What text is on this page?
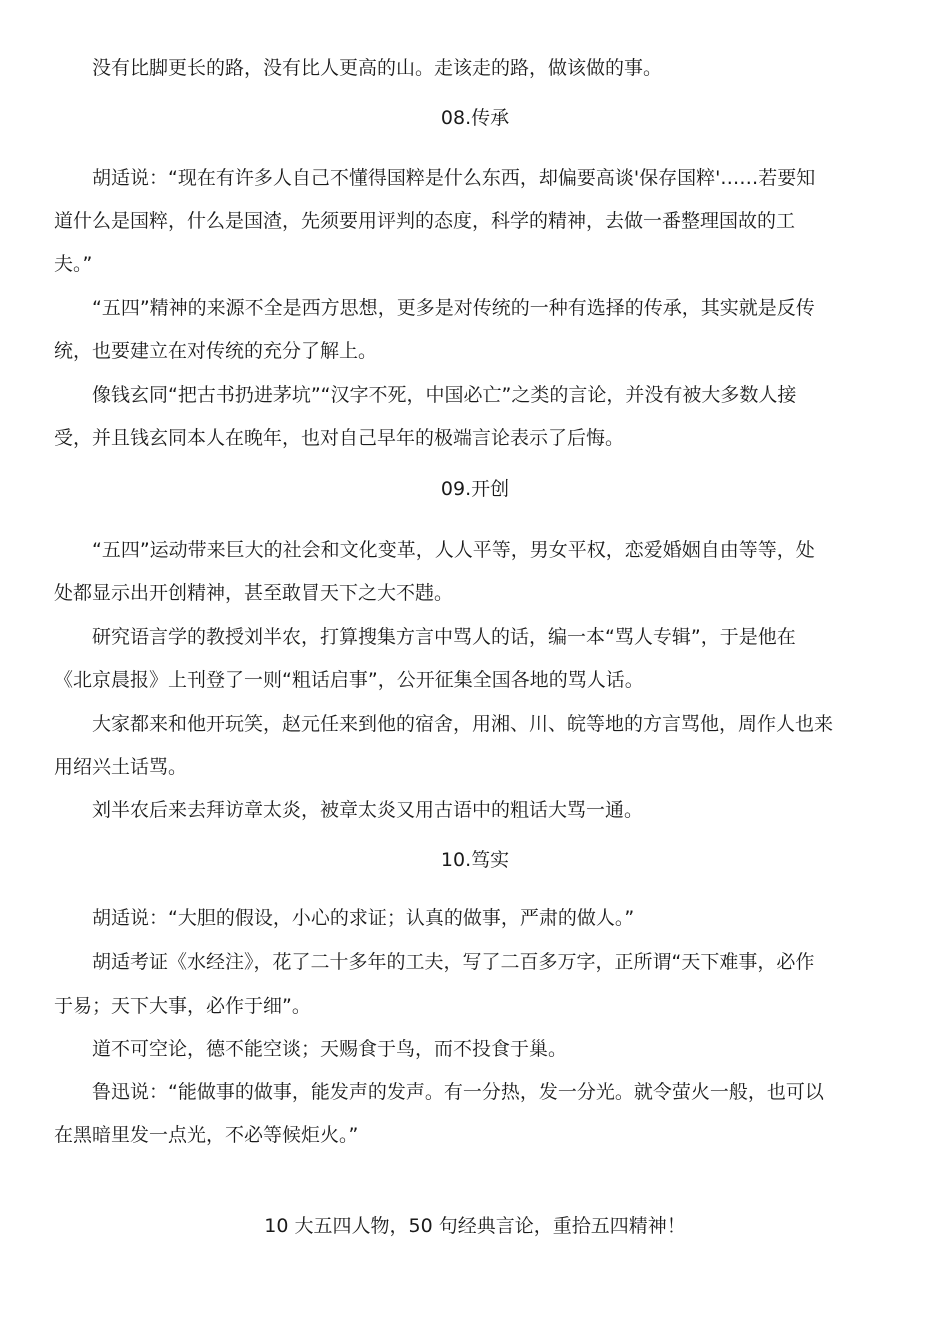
　　没有比脚更长的路，没有比人更高的山。走该走的路，做该做的事。
08.传承
　　胡适说：“现在有许多人自己不懂得国粹是什么东西，却偏要高谈'保存国粹'……若要知
道什么是国粹，什么是国渣，先须要用评判的态度，科学的精神，去做一番整理国故的工
夫。”
　　“五四”精神的来源不全是西方思想，更多是对传统的一种有选择的传承，其实就是反传
统，也要建立在对传统的充分了解上。
　　像钱玄同“把古书扔进茅坑”“汉字不死，中国必亡”之类的言论，并没有被大多数人接
受，并且钱玄同本人在晚年，也对自己早年的极端言论表示了后悔。
09.开创
　　“五四”运动带来巨大的社会和文化变革，人人平等，男女平权，恋爱婚姻自由等等，处
处都显示出开创精神，甚至敢冒天下之大不韪。
　　研究语言学的教授刘半农，打算搜集方言中骂人的话，编一本“骂人专辑”，于是他在
《北京晨报》上刊登了一则“粗话启事”，公开征集全国各地的骂人话。
　　大家都来和他开玩笑，赵元任来到他的宿舍，用湘、川、皖等地的方言骂他，周作人也来
用绍兴土话骂。
　　刘半农后来去拜访章太炎，被章太炎又用古语中的粗话大骂一通。
10.笃实
　　胡适说：“大胆的假设，小心的求证；认真的做事，严肃的做人。”
　　胡适考证《水经注》，花了二十多年的工夫，写了二百多万字，正所谓“天下难事，必作
于易；天下大事，必作于细”。
　　道不可空论，德不能空谈；天赐食于鸟，而不投食于巢。
　　鲁迅说：“能做事的做事，能发声的发声。有一分热，发一分光。就令萤火一般，也可以
在黑暗里发一点光，不必等候炬火。”
10 大五四人物，50 句经典言论，重拾五四精神！
